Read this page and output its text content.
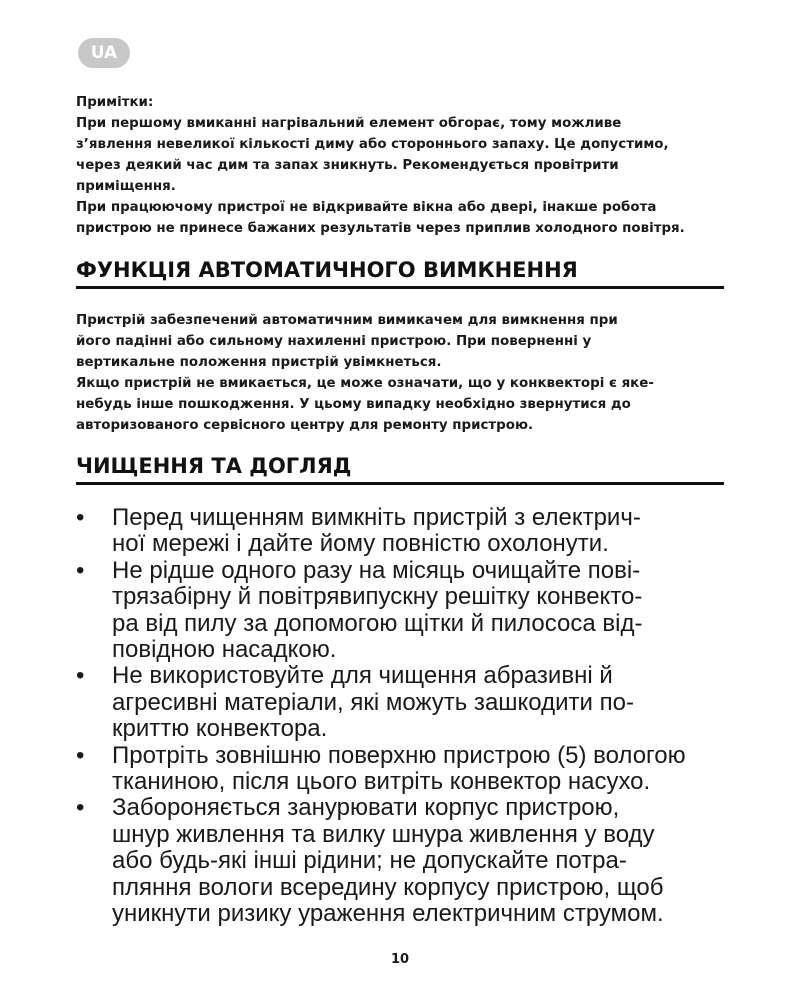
UA

Примітки:

При першому вмиканні нагрівальний елемент обгорає, тому можливе

з’явлення невеликої кількості диму або стороннього запаху. Це допустимо,

через деякий час дим та запах зникнуть. Рекомендується провітрити

приміщення.

При працюючому пристрої не відкривайте вікна або двері, інакше робота

пристрою не принесе бажаних результатів через приплив холодного повітря.

ФУНКЦІЯ АВТОМАТИЧНОГО ВИМКНЕННЯ

Пристрій забезпечений автоматичним вимикачем для вимкнення при

його падінні або сильному нахиленні пристрою. При поверненні у

вертикальне положення пристрій увімкнеться.

Якщо пристрій не вмикається, це може означати, що у конквекторі є яке-

небудь інше пошкодження. У цьому випадку необхідно звернутися до

авторизованого сервісного центру для ремонту пристрою.

ЧИЩЕННЯ ТА ДОГЛЯД
• Перед чищенням вимкніть пристрій з електрич-
ної мережі і дайте йому повністю охолонути.
• Не рідше одного разу на місяць очищайте пові-
трязабірну й повітрявипускну решітку конвекто-
ра від пилу за допомогою щітки й пилососа від-
повідною насадкою.
• Не використовуйте для чищення абразивні й
агресивні матеріали, які можуть зашкодити по-
криттю конвектора.
• Протріть зовнішню поверхню пристрою (5) вологою
тканиною, після цього витріть конвектор насухо.
• Забороняється занурювати корпус пристрою,
шнур живлення та вилку шнура живлення у воду
або будь-які інші рідини; не допускайте потра-
пляння вологи всередину корпусу пристрою, щоб
уникнути ризику ураження електричним струмом.
10
